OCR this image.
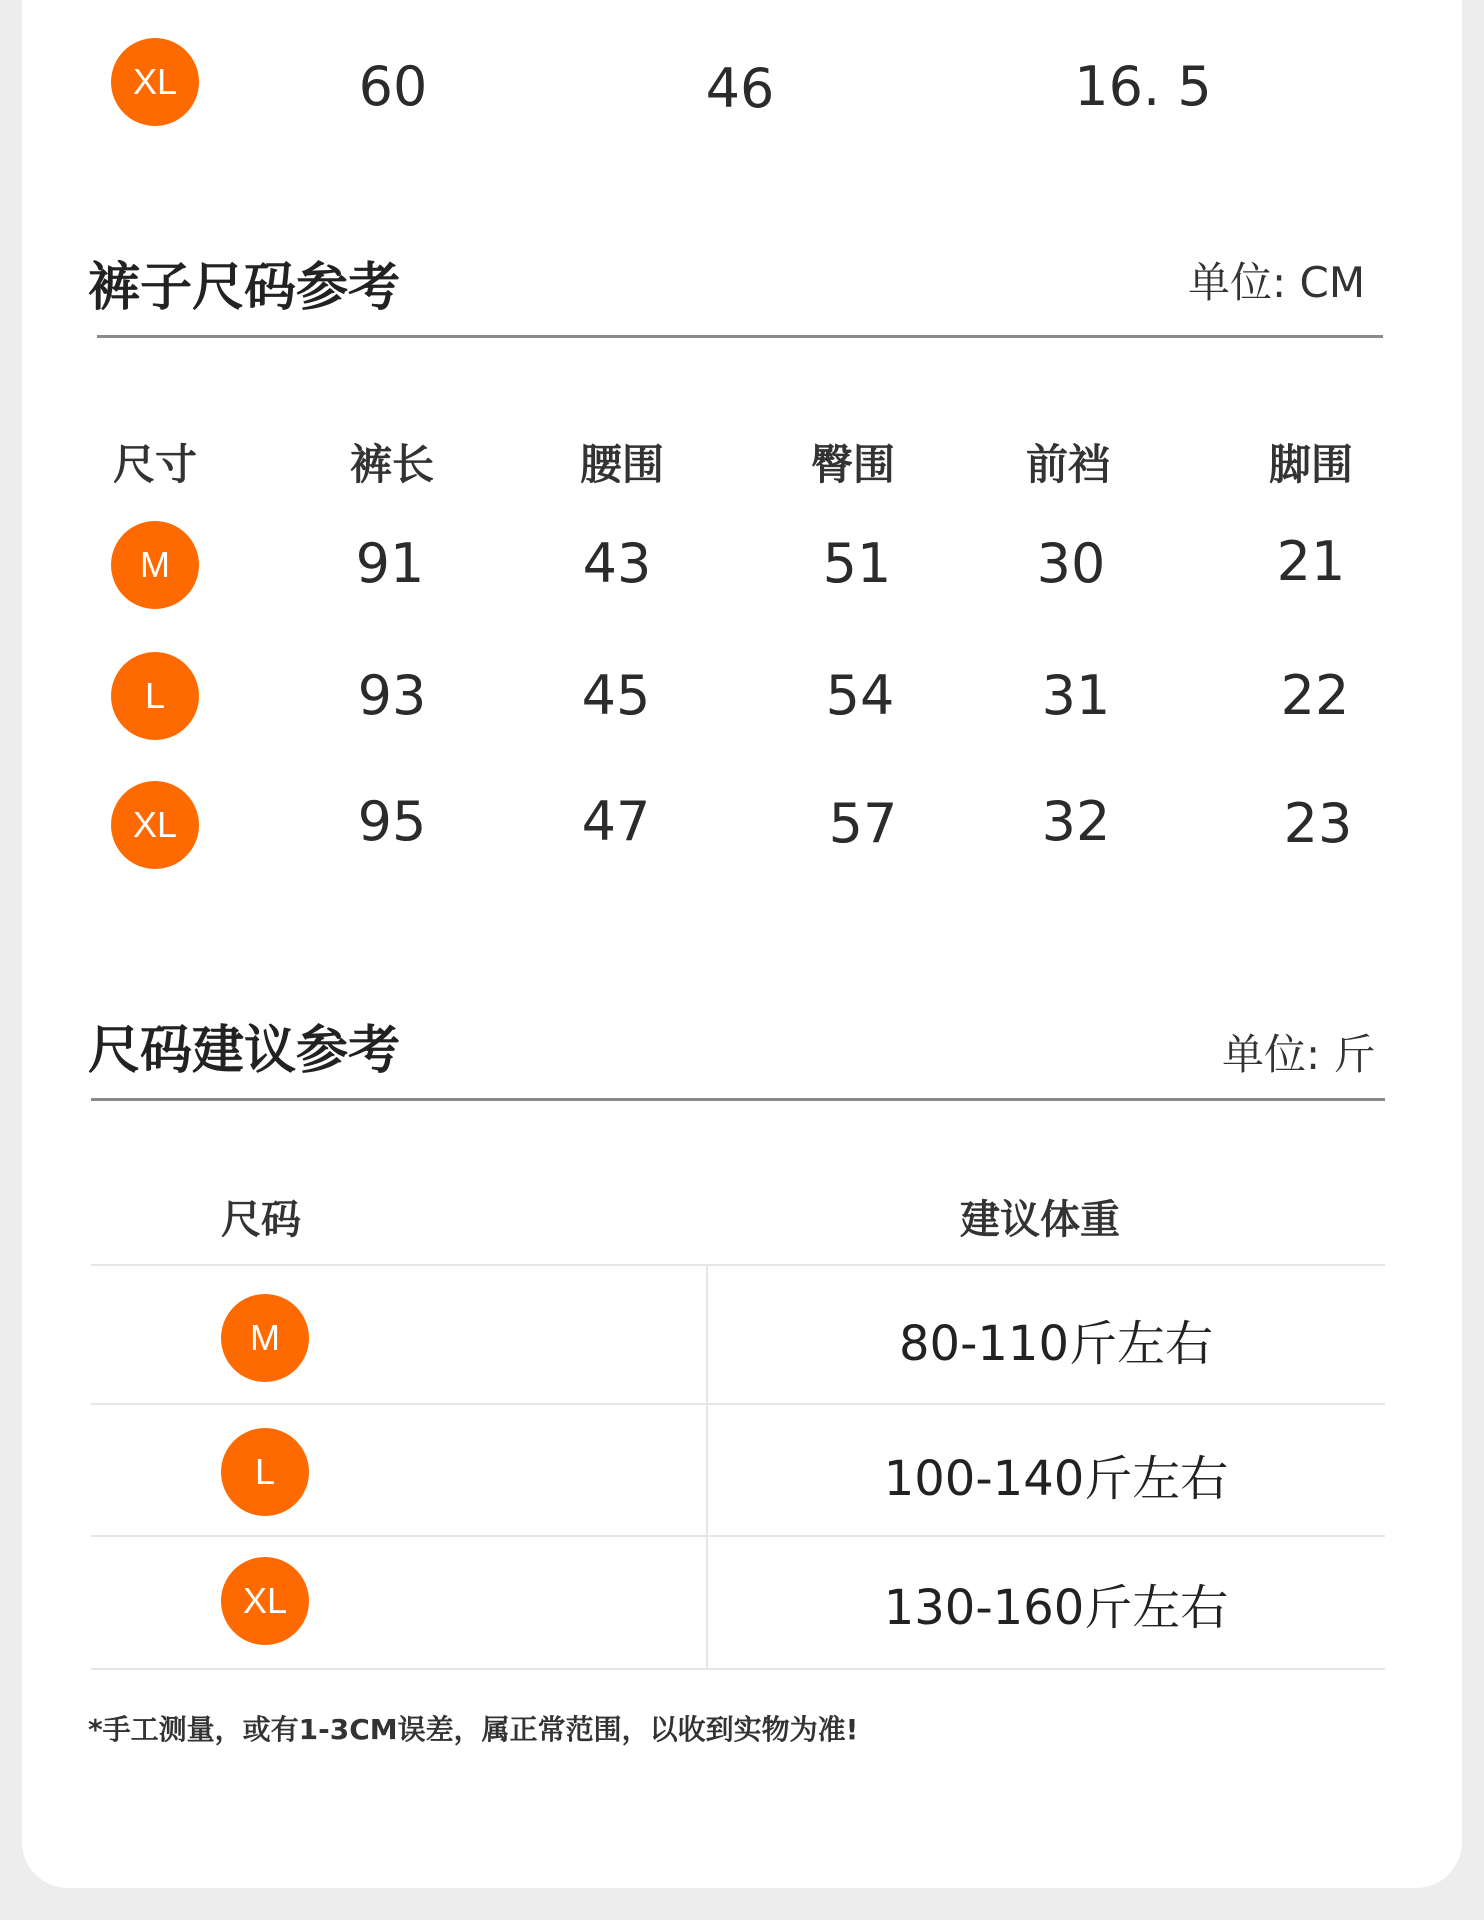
XL	60	46	16. 5
裤子尺码参考	单位: CM
尺寸	裤长	腰围	臀围	前裆	脚围
M	91	43	51	30	21
L	93	45	54	31	22
XL	95	47	57	32	23
尺码建议参考	单位: 斤
尺码	建议体重
M	80-110斤左右
L	100-140斤左右
XL	130-160斤左右
*手工测量，或有1-3CM误差，属正常范围，以收到实物为准!
